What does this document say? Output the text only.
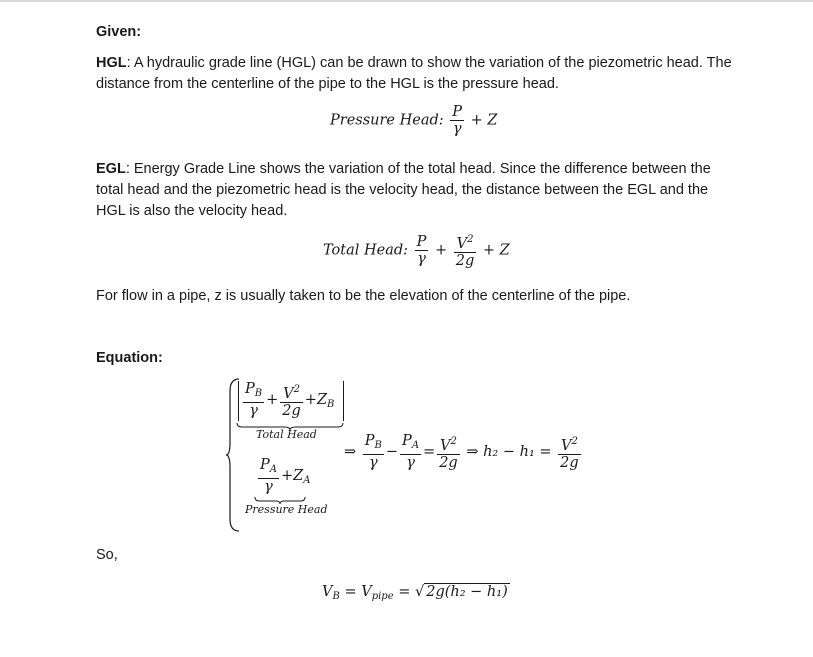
Given:

HGL: A hydraulic grade line (HGL) can be drawn to show the variation of the piezometric head. The distance from the centerline of the pipe to the HGL is the pressure head.

Pressure Head: $\frac{P}{\gamma} + Z$

EGL: Energy Grade Line shows the variation of the total head. Since the difference between the total head and the piezometric head is the velocity head, the distance between the EGL and the HGL is also the velocity head.

Total Head: $\frac{P}{\gamma} + \frac{V^2}{2g} + Z$

For flow in a pipe, z is usually taken to be the elevation of the centerline of the pipe.

Equation:

$\frac{P_B}{\gamma} + \frac{V^2}{2g} +Z_B$
Total Head
$\frac{P_A}{\gamma} +Z_A$
Pressure Head
⇒ $\frac{P_B}{\gamma} - \frac{P_A}{\gamma} = \frac{V^2}{2g}$ ⇒ $h_2 - h_1 = \frac{V^2}{2g}$

So,

$V_B = V_{pipe}$ = √ 2g(h₂ − h₁)
